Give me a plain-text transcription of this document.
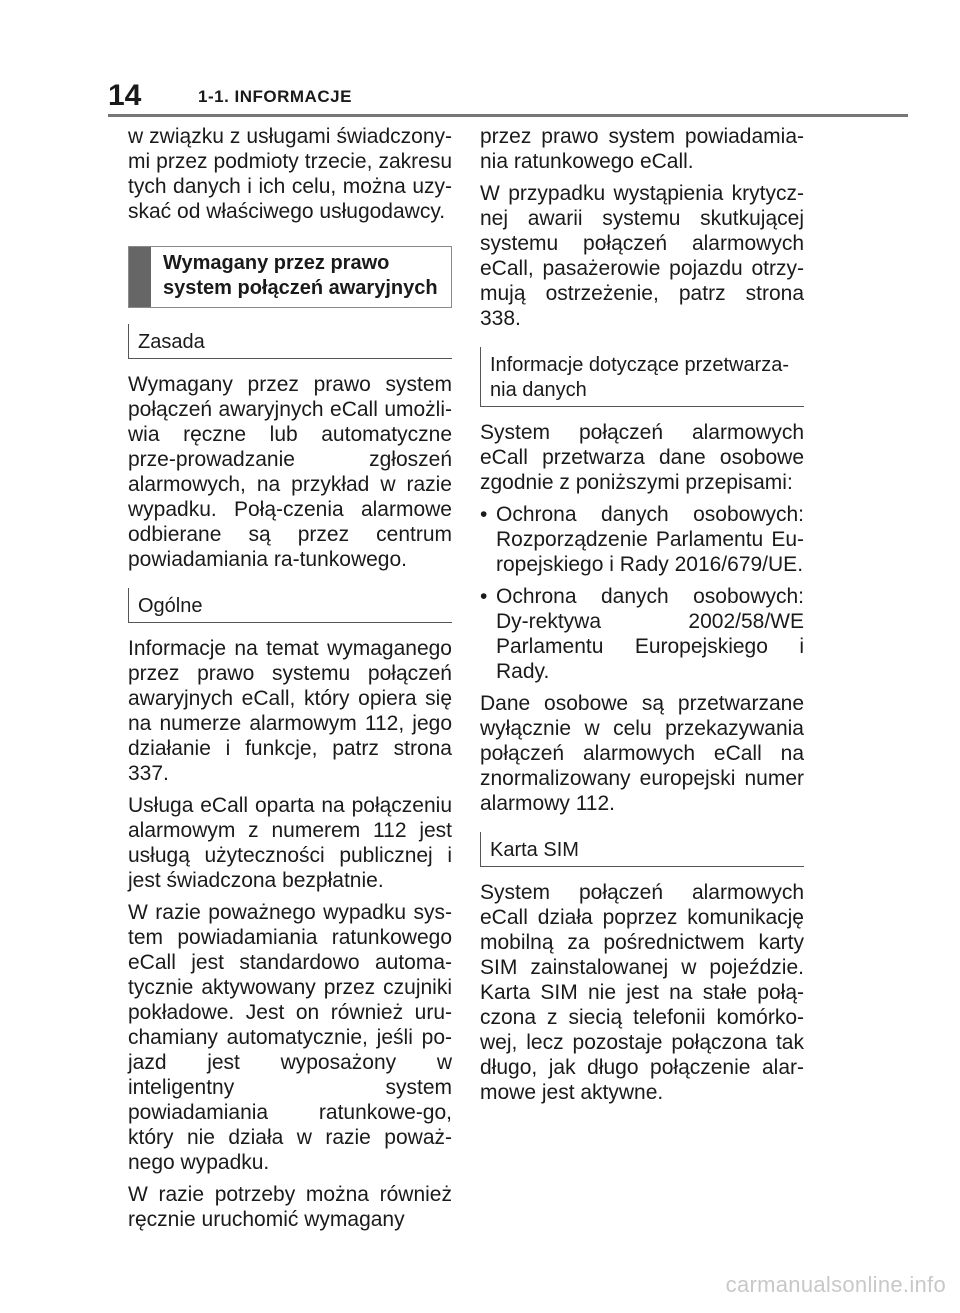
14	1-1. INFORMACJE

w związku z usługami świadczony-mi przez podmioty trzecie, zakresu tych danych i ich celu, można uzy-skać od właściwego usługodawcy.

Wymagany przez prawo system połączeń awaryjnych
Zasada

Wymagany przez prawo system połączeń awaryjnych eCall umożli-wia ręczne lub automatyczne prze-prowadzanie zgłoszeń alarmowych, na przykład w razie wypadku. Połą-czenia alarmowe odbierane są przez centrum powiadamiania ra-tunkowego.

Ogólne

Informacje na temat wymaganego przez prawo systemu połączeń awaryjnych eCall, który opiera się na numerze alarmowym 112, jego działanie i funkcje, patrz strona 337.

Usługa eCall oparta na połączeniu alarmowym z numerem 112 jest usługą użyteczności publicznej i jest świadczona bezpłatnie.

W razie poważnego wypadku sys-tem powiadamiania ratunkowego eCall jest standardowo automa-tycznie aktywowany przez czujniki pokładowe. Jest on również uru-chamiany automatycznie, jeśli po-jazd jest wyposażony w inteligentny system powiadamiania ratunkowe-go, który nie działa w razie poważ-nego wypadku.

W razie potrzeby można również ręcznie uruchomić wymagany

przez prawo system powiadamia-nia ratunkowego eCall.

W przypadku wystąpienia krytycz-nej awarii systemu skutkującej systemu połączeń alarmowych eCall, pasażerowie pojazdu otrzy-mują ostrzeżenie, patrz strona 338.

Informacje dotyczące przetwarza-nia danych

System połączeń alarmowych eCall przetwarza dane osobowe zgodnie z poniższymi przepisami:

• Ochrona danych osobowych: Rozporządzenie Parlamentu Eu-ropejskiego i Rady 2016/679/UE.

• Ochrona danych osobowych: Dy-rektywa 2002/58/WE Parlamentu Europejskiego i Rady.

Dane osobowe są przetwarzane wyłącznie w celu przekazywania połączeń alarmowych eCall na znormalizowany europejski numer alarmowy 112.

Karta SIM

System połączeń alarmowych eCall działa poprzez komunikację mobilną za pośrednictwem karty SIM zainstalowanej w pojeździe. Karta SIM nie jest na stałe połą-czona z siecią telefonii komórko-wej, lecz pozostaje połączona tak długo, jak długo połączenie alar-mowe jest aktywne.

carmanualsonline.info
